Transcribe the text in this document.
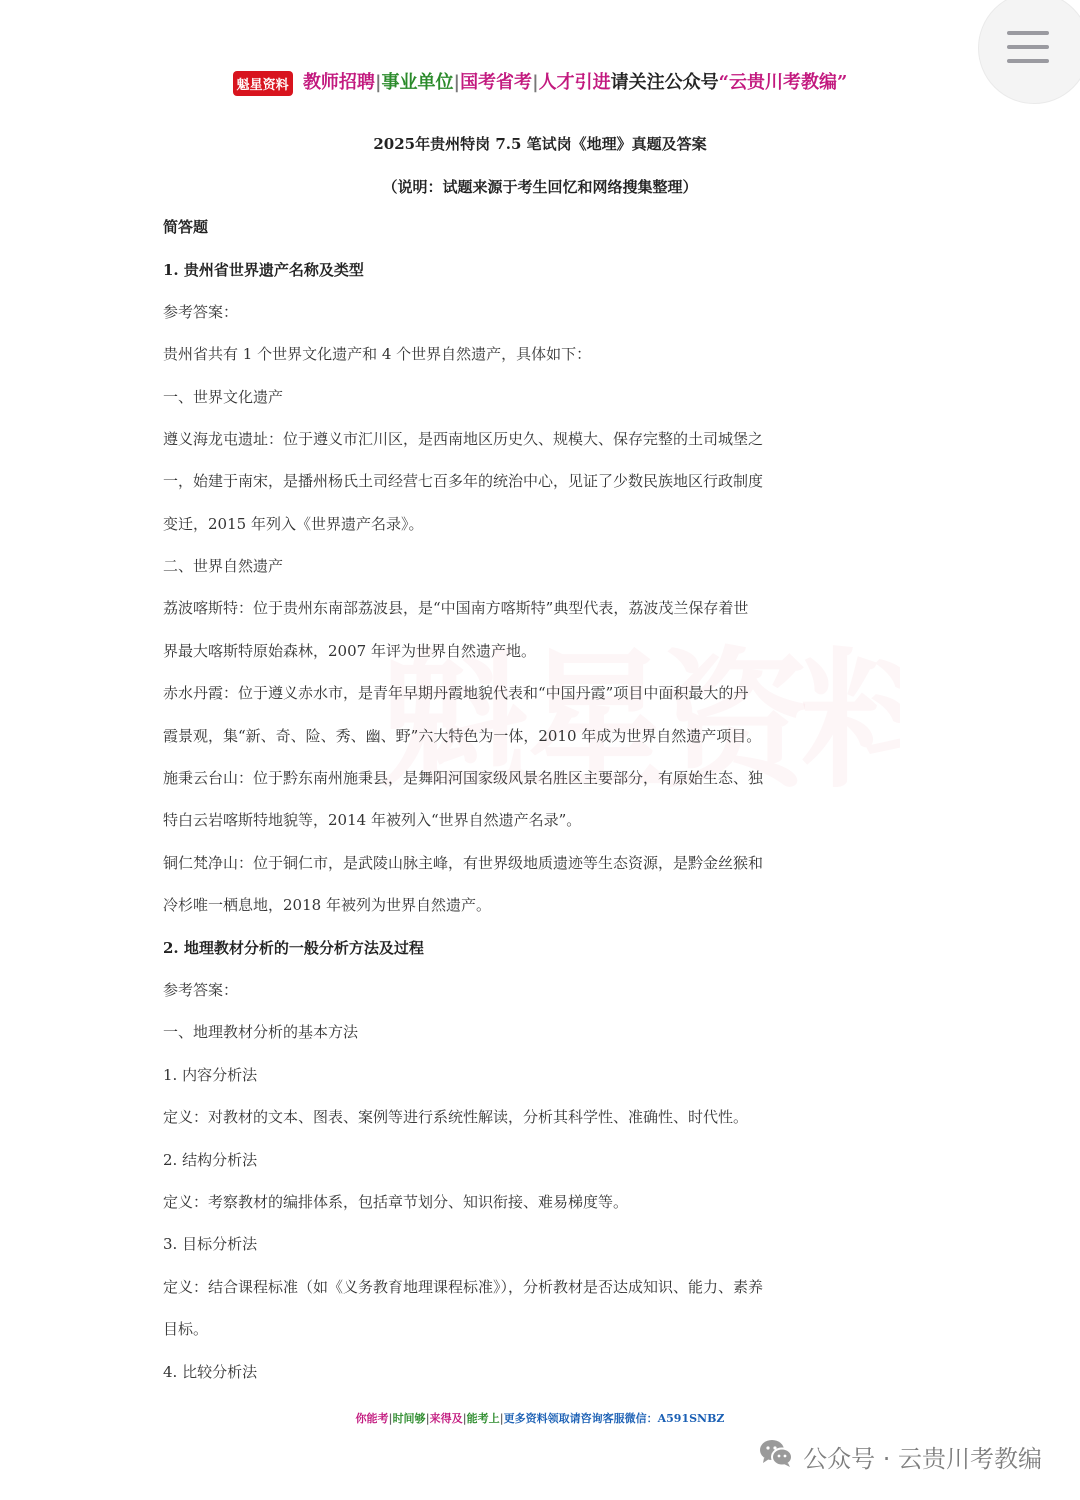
魁星资料 教师招聘|事业单位|国考省考|人才引进请关注公众号“云贵川考教编”
2025年贵州特岗 7.5 笔试岗《地理》真题及答案
（说明：试题来源于考生回忆和网络搜集整理）
简答题
1. 贵州省世界遗产名称及类型
参考答案：
贵州省共有 1 个世界文化遗产和 4 个世界自然遗产，具体如下：
一、世界文化遗产
遵义海龙屯遗址：位于遵义市汇川区，是西南地区历史久、规模大、保存完整的土司城堡之
一，始建于南宋，是播州杨氏土司经营七百多年的统治中心，见证了少数民族地区行政制度
变迁，2015 年列入《世界遗产名录》。
二、世界自然遗产
荔波喀斯特：位于贵州东南部荔波县，是“中国南方喀斯特”典型代表，荔波茂兰保存着世
界最大喀斯特原始森林，2007 年评为世界自然遗产地。
赤水丹霞：位于遵义赤水市，是青年早期丹霞地貌代表和“中国丹霞”项目中面积最大的丹
霞景观，集“新、奇、险、秀、幽、野”六大特色为一体，2010 年成为世界自然遗产项目。
施秉云台山：位于黔东南州施秉县，是舞阳河国家级风景名胜区主要部分，有原始生态、独
特白云岩喀斯特地貌等，2014 年被列入“世界自然遗产名录”。
铜仁梵净山：位于铜仁市，是武陵山脉主峰，有世界级地质遗迹等生态资源，是黔金丝猴和
冷杉唯一栖息地，2018 年被列为世界自然遗产。
2. 地理教材分析的一般分析方法及过程
参考答案：
一、地理教材分析的基本方法
1. 内容分析法
定义：对教材的文本、图表、案例等进行系统性解读，分析其科学性、准确性、时代性。
2. 结构分析法
定义：考察教材的编排体系，包括章节划分、知识衔接、难易梯度等。
3. 目标分析法
定义：结合课程标准（如《义务教育地理课程标准》），分析教材是否达成知识、能力、素养
目标。
4. 比较分析法
你能考|时间够|来得及|能考上|更多资料领取请咨询客服微信：A591SNBZ
公众号 · 云贵川考教编
